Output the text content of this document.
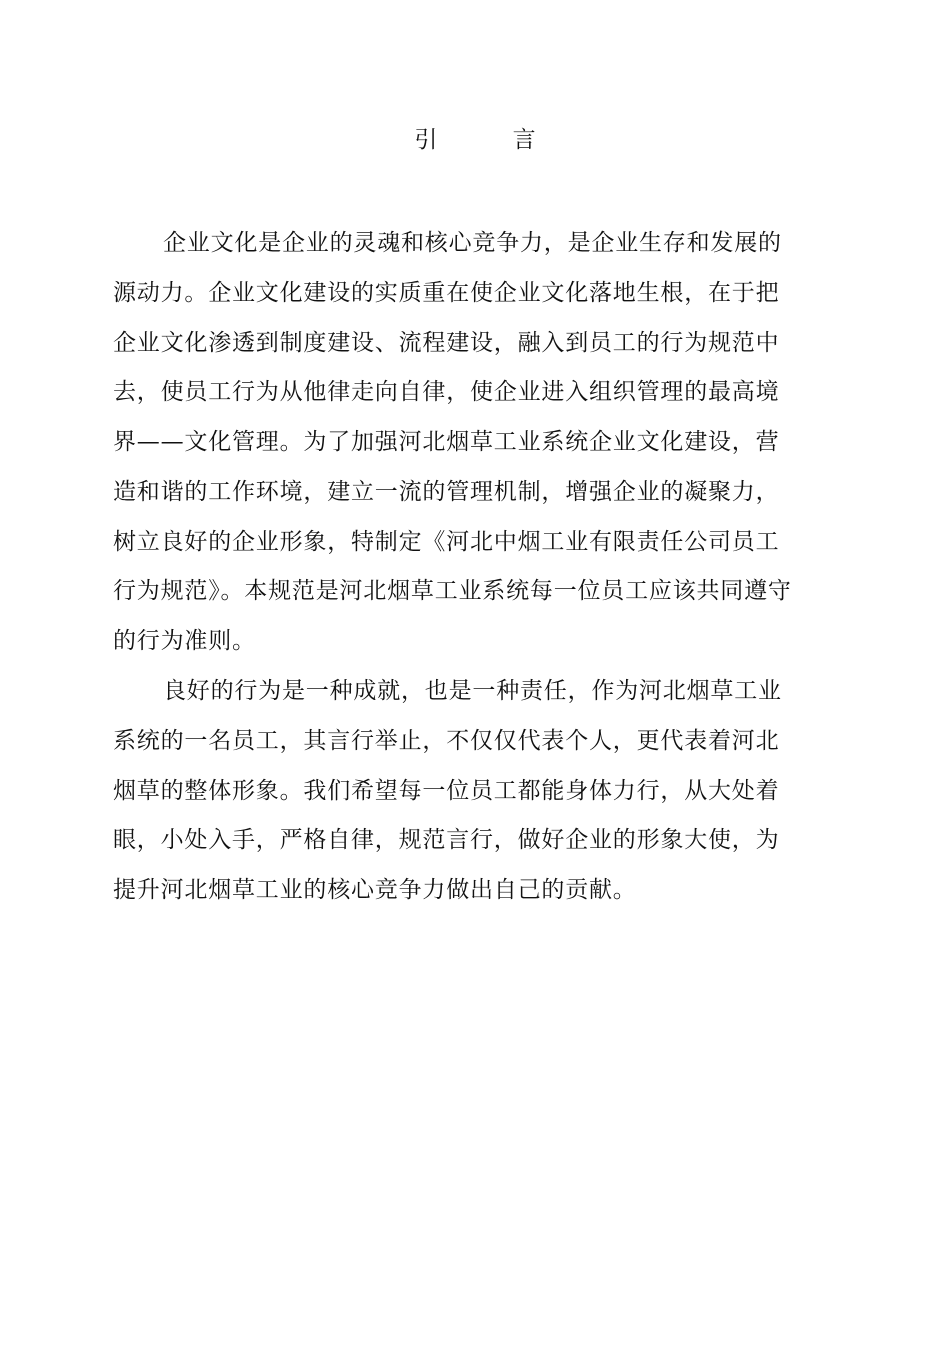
引 言
企业文化是企业的灵魂和核心竞争力，是企业生存和发展的
源动力。企业文化建设的实质重在使企业文化落地生根，在于把
企业文化渗透到制度建设、流程建设，融入到员工的行为规范中
去，使员工行为从他律走向自律，使企业进入组织管理的最高境
界——文化管理。为了加强河北烟草工业系统企业文化建设，营
造和谐的工作环境，建立一流的管理机制，增强企业的凝聚力，
树立良好的企业形象，特制定《河北中烟工业有限责任公司员工
行为规范》。本规范是河北烟草工业系统每一位员工应该共同遵守
的行为准则。
良好的行为是一种成就，也是一种责任，作为河北烟草工业
系统的一名员工，其言行举止，不仅仅代表个人，更代表着河北
烟草的整体形象。我们希望每一位员工都能身体力行，从大处着
眼，小处入手，严格自律，规范言行，做好企业的形象大使，为
提升河北烟草工业的核心竞争力做出自己的贡献。
